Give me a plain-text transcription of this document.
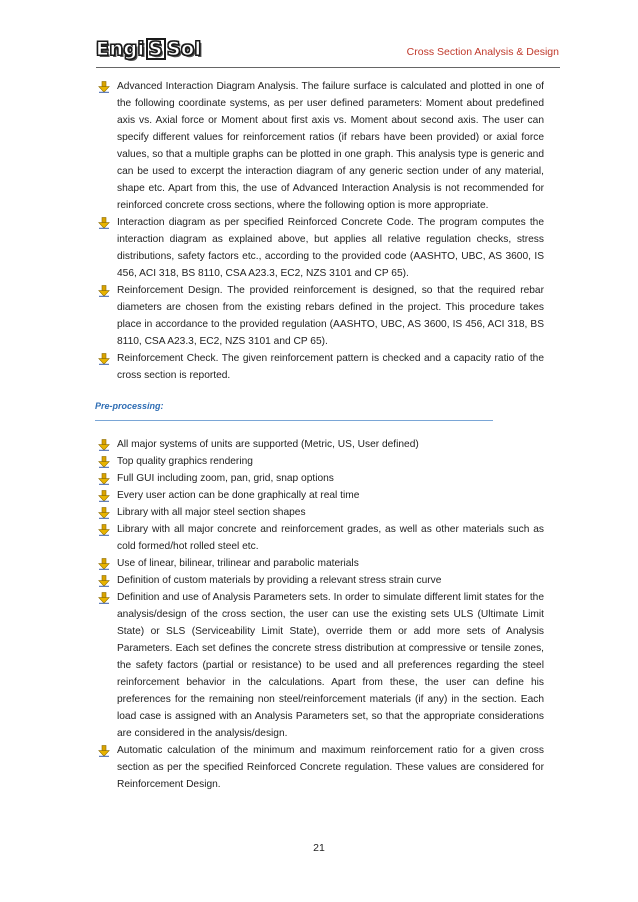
Engi S Sol	Cross Section Analysis & Design
Advanced Interaction Diagram Analysis. The failure surface is calculated and plotted in one of the following coordinate systems, as per user defined parameters: Moment about predefined axis vs. Axial force or Moment about first axis vs. Moment about second axis. The user can specify different values for reinforcement ratios (if rebars have been provided) or axial force values, so that a multiple graphs can be plotted in one graph. This analysis type is generic and can be used to excerpt the interaction diagram of any generic section under of any material, shape etc. Apart from this, the use of Advanced Interaction Analysis is not recommended for reinforced concrete cross sections, where the following option is more appropriate.
Interaction diagram as per specified Reinforced Concrete Code. The program computes the interaction diagram as explained above, but applies all relative regulation checks, stress distributions, safety factors etc., according to the provided code (AASHTO, UBC, AS 3600, IS 456, ACI 318, BS 8110, CSA A23.3, EC2, NZS 3101 and CP 65).
Reinforcement Design. The provided reinforcement is designed, so that the required rebar diameters are chosen from the existing rebars defined in the project. This procedure takes place in accordance to the provided regulation (AASHTO, UBC, AS 3600, IS 456, ACI 318, BS 8110, CSA A23.3, EC2, NZS 3101 and CP 65).
Reinforcement Check. The given reinforcement pattern is checked and a capacity ratio of the cross section is reported.
Pre-processing:
All major systems of units are supported (Metric, US, User defined)
Top quality graphics rendering
Full GUI including zoom, pan, grid, snap options
Every user action can be done graphically at real time
Library with all major steel section shapes
Library with all major concrete and reinforcement grades, as well as other materials such as cold formed/hot rolled steel etc.
Use of linear, bilinear, trilinear and parabolic materials
Definition of custom materials by providing a relevant stress strain curve
Definition and use of Analysis Parameters sets. In order to simulate different limit states for the analysis/design of the cross section, the user can use the existing sets ULS (Ultimate Limit State) or SLS (Serviceability Limit State), override them or add more sets of Analysis Parameters. Each set defines the concrete stress distribution at compressive or tensile zones, the safety factors (partial or resistance) to be used and all preferences regarding the steel reinforcement behavior in the calculations. Apart from these, the user can define his preferences for the remaining non steel/reinforcement materials (if any) in the section. Each load case is assigned with an Analysis Parameters set, so that the appropriate considerations are considered in the analysis/design.
Automatic calculation of the minimum and maximum reinforcement ratio for a given cross section as per the specified Reinforced Concrete regulation. These values are considered for Reinforcement Design.
21
